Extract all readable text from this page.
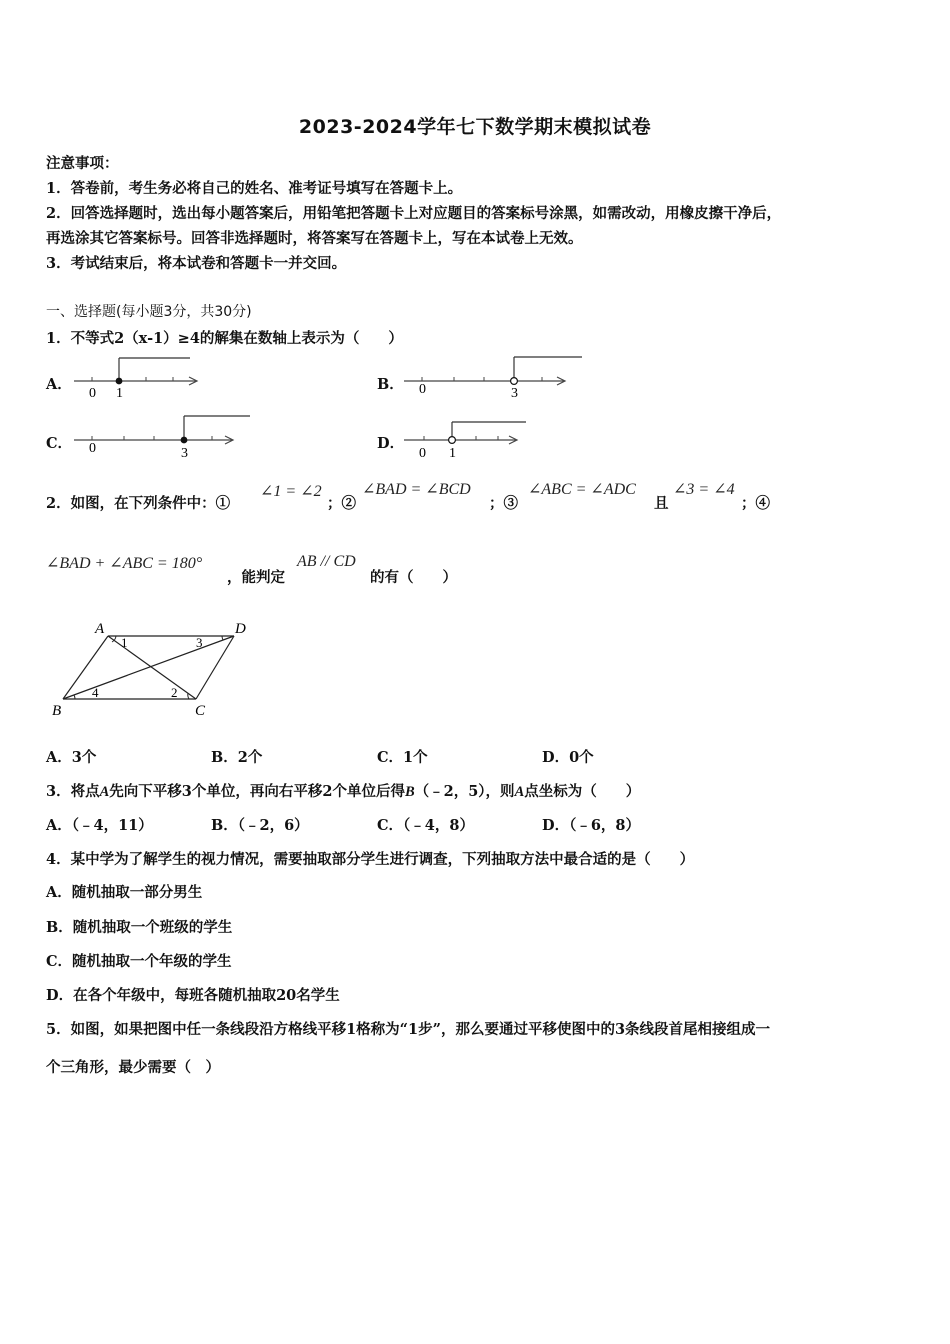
2023-2024学年七下数学期末模拟试卷
注意事项：
1．答卷前，考生务必将自己的姓名、准考证号填写在答题卡上。
2．回答选择题时，选出每小题答案后，用铅笔把答题卡上对应题目的答案标号涂黑，如需改动，用橡皮擦干净后，
再选涂其它答案标号。回答非选择题时，将答案写在答题卡上，写在本试卷上无效。
3．考试结束后，将本试卷和答题卡一并交回。
一、选择题(每小题3分，共30分)
1．不等式2（x-1）≥4的解集在数轴上表示为（　　）
A．
0 1
B． 0	3
C． 0	3
D．
0 1
2．如图，在下列条件中：①
∠1 = ∠2
；②
∠BAD = ∠BCD
；③
∠ABC = ∠ADC
且
∠3 = ∠4
；④
∠BAD + ∠ABC = 180°
，能判定
AB // CD
的有（　　）
A	D
B	C
1
2
3
4
A．3个	B．2个	C．1个	D．0个
3．将点A先向下平移3个单位，再向右平移2个单位后得B（﹣2，5），则A点坐标为（　　）
A．（﹣4，11）	B．（﹣2，6）	C．（﹣4，8）	D．（﹣6，8）
4．某中学为了解学生的视力情况，需要抽取部分学生进行调查，下列抽取方法中最合适的是（　　）
A．随机抽取一部分男生
B．随机抽取一个班级的学生
C．随机抽取一个年级的学生
D．在各个年级中，每班各随机抽取20名学生
5．如图，如果把图中任一条线段沿方格线平移1格称为“1步”，那么要通过平移使图中的3条线段首尾相接组成一
个三角形，最少需要（　）
